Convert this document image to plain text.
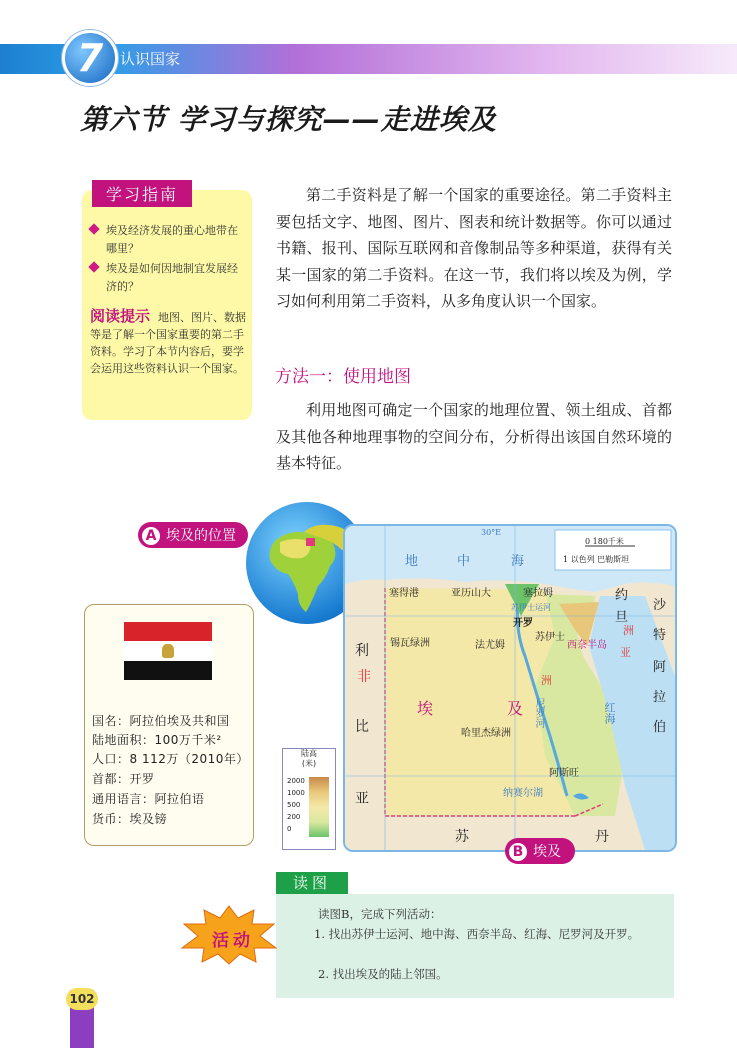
7	认识国家
第六节 学习与探究——走进埃及
学习指南
埃及经济发展的重心地带在哪里？
埃及是如何因地制宜发展经济的？
阅读提示 地图、图片、数据等是了解一个国家重要的第二手资料。学习了本节内容后，要学会运用这些资料认识一个国家。
第二手资料是了解一个国家的重要途径。第二手资料主要包括文字、地图、图片、图表和统计数据等。你可以通过书籍、报刊、国际互联网和音像制品等多种渠道，获得有关某一国家的第二手资料。在这一节，我们将以埃及为例，学习如何利用第二手资料，从多角度认识一个国家。
方法一：使用地图
利用地图可确定一个国家的地理位置、领土组成、首都及其他各种地理事物的空间分布，分析得出该国自然环境的基本特征。
A 埃及的位置
国名：阿拉伯埃及共和国
陆地面积：100万千米²
人口：8 112万（2010年）
首都：开罗
通用语言：阿拉伯语
货币：埃及镑
0 180千米
1 以色列 巴勒斯坦
30°E
地	中	海
塞得港	亚历山大	塞拉姆
开罗
苏伊士
阿斯旺
锡瓦绿洲	法尤姆
哈里杰绿洲
西奈半岛
纳赛尔湖
利
非
比
亚
埃	及
苏	丹
约
旦
沙
特
阿
拉
伯
洲
亚
洲
尼罗河	红海
苏伊士运河
陆高
(米)
2000
1000
500
200
0
B 埃及
读图
活动
读图B，完成下列活动：
1. 找出苏伊士运河、地中海、西奈半岛、红海、尼罗河及开罗。
2. 找出埃及的陆上邻国。
102
